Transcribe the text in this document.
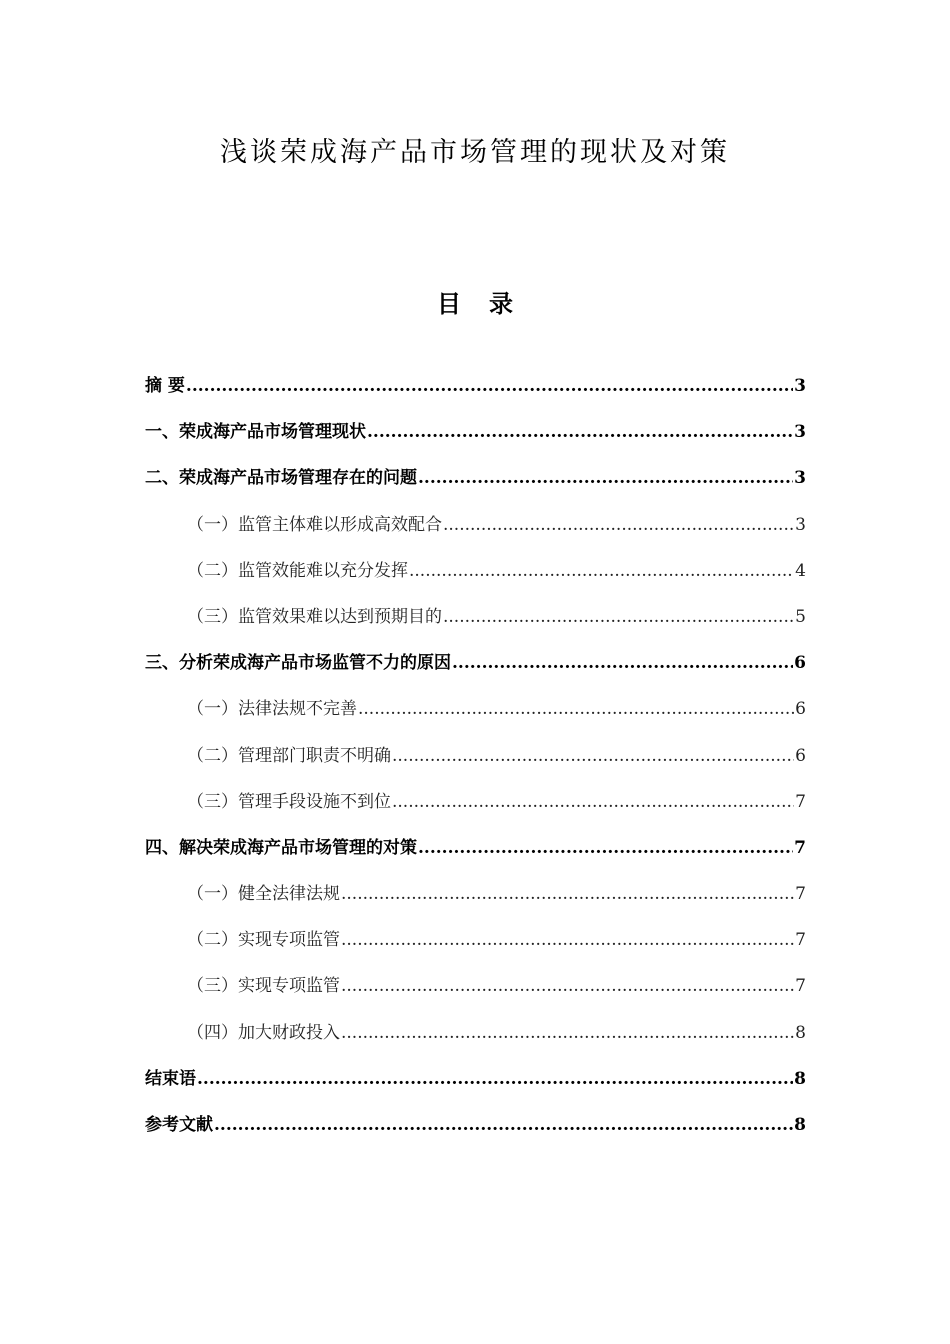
浅谈荣成海产品市场管理的现状及对策
目录
摘 要 .....	3
一、荣成海产品市场管理现状 .....	3
二、荣成海产品市场管理存在的问题 .....	3
（一）监管主体难以形成高效配合 .....	3
（二）监管效能难以充分发挥 .....	4
（三）监管效果难以达到预期目的 .....	5
三、分析荣成海产品市场监管不力的原因 .....	6
（一）法律法规不完善 .....	6
（二）管理部门职责不明确 .....	6
（三）管理手段设施不到位 .....	7
四、解决荣成海产品市场管理的对策 .....	7
（一）健全法律法规 .....	7
（二）实现专项监管 .....	7
（三）实现专项监管 .....	7
（四）加大财政投入 .....	8
结束语 .....	8
参考文献 .....	8
